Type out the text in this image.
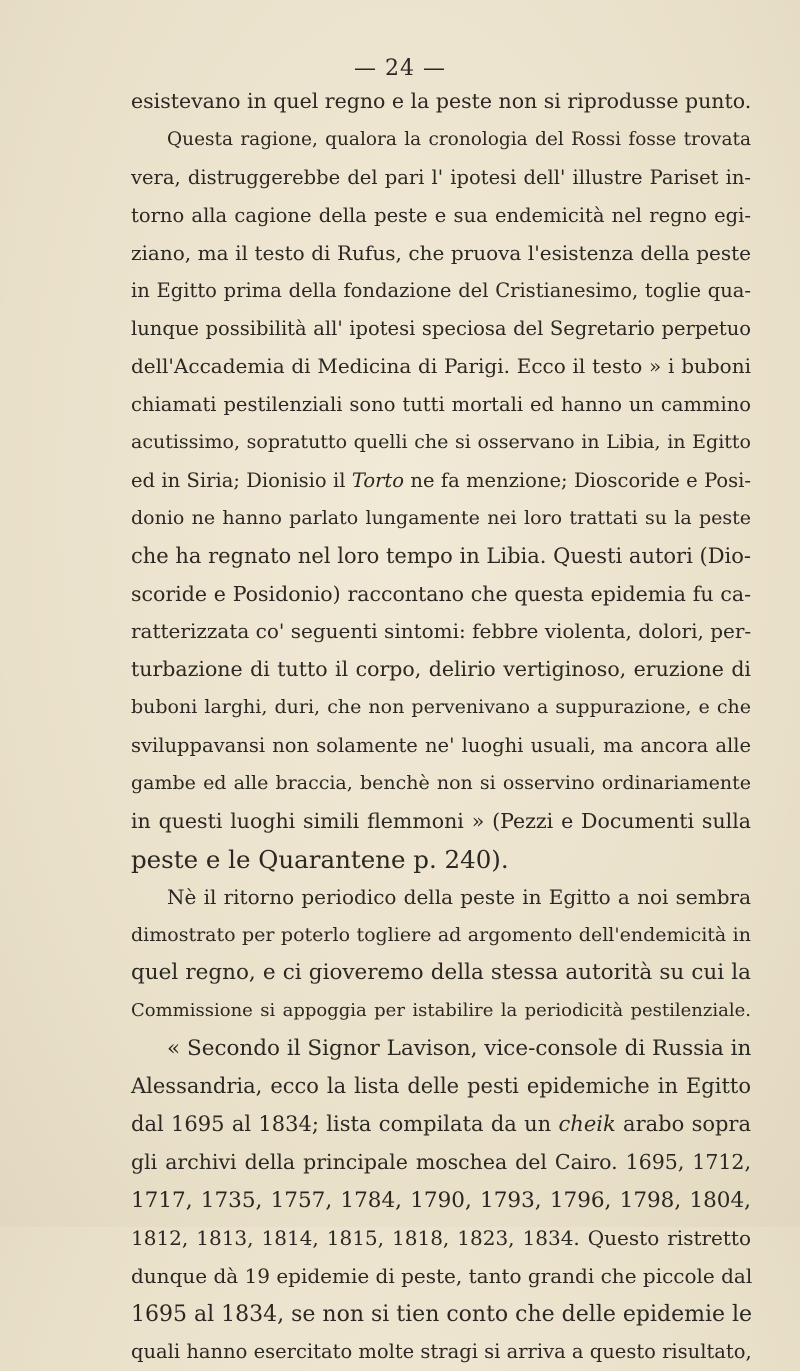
— 24 —
esistevano in quel regno e la peste non si riprodusse punto.
Questa ragione, qualora la cronologia del Rossi fosse trovata
vera, distruggerebbe del pari l' ipotesi dell' illustre Pariset in-
torno alla cagione della peste e sua endemicità nel regno egi-
ziano, ma il testo di Rufus, che pruova l'esistenza della peste
in Egitto prima della fondazione del Cristianesimo, toglie qua-
lunque possibilità all' ipotesi speciosa del Segretario perpetuo
dell'Accademia di Medicina di Parigi. Ecco il testo » i buboni
chiamati pestilenziali sono tutti mortali ed hanno un cammino
acutissimo, sopratutto quelli che si osservano in Libia, in Egitto
ed in Siria; Dionisio il Torto ne fa menzione; Dioscoride e Posi-
donio ne hanno parlato lungamente nei loro trattati su la peste
che ha regnato nel loro tempo in Libia. Questi autori (Dio-
scoride e Posidonio) raccontano che questa epidemia fu ca-
ratterizzata co' seguenti sintomi: febbre violenta, dolori, per-
turbazione di tutto il corpo, delirio vertiginoso, eruzione di
buboni larghi, duri, che non pervenivano a suppurazione, e che
sviluppavansi non solamente ne' luoghi usuali, ma ancora alle
gambe ed alle braccia, benchè non si osservino ordinariamente
in questi luoghi simili flemmoni » (Pezzi e Documenti sulla
peste e le Quarantene p. 240).
Nè il ritorno periodico della peste in Egitto a noi sembra
dimostrato per poterlo togliere ad argomento dell'endemicità in
quel regno, e ci gioveremo della stessa autorità su cui la
Commissione si appoggia per istabilire la periodicità pestilenziale.
« Secondo il Signor Lavison, vice-console di Russia in
Alessandria, ecco la lista delle pesti epidemiche in Egitto
dal 1695 al 1834; lista compilata da un cheik arabo sopra
gli archivi della principale moschea del Cairo. 1695, 1712,
1717, 1735, 1757, 1784, 1790, 1793, 1796, 1798, 1804,
1812, 1813, 1814, 1815, 1818, 1823, 1834. Questo ristretto
dunque dà 19 epidemie di peste, tanto grandi che piccole dal
1695 al 1834, se non si tien conto che delle epidemie le
quali hanno esercitato molte stragi si arriva a questo risultato,
